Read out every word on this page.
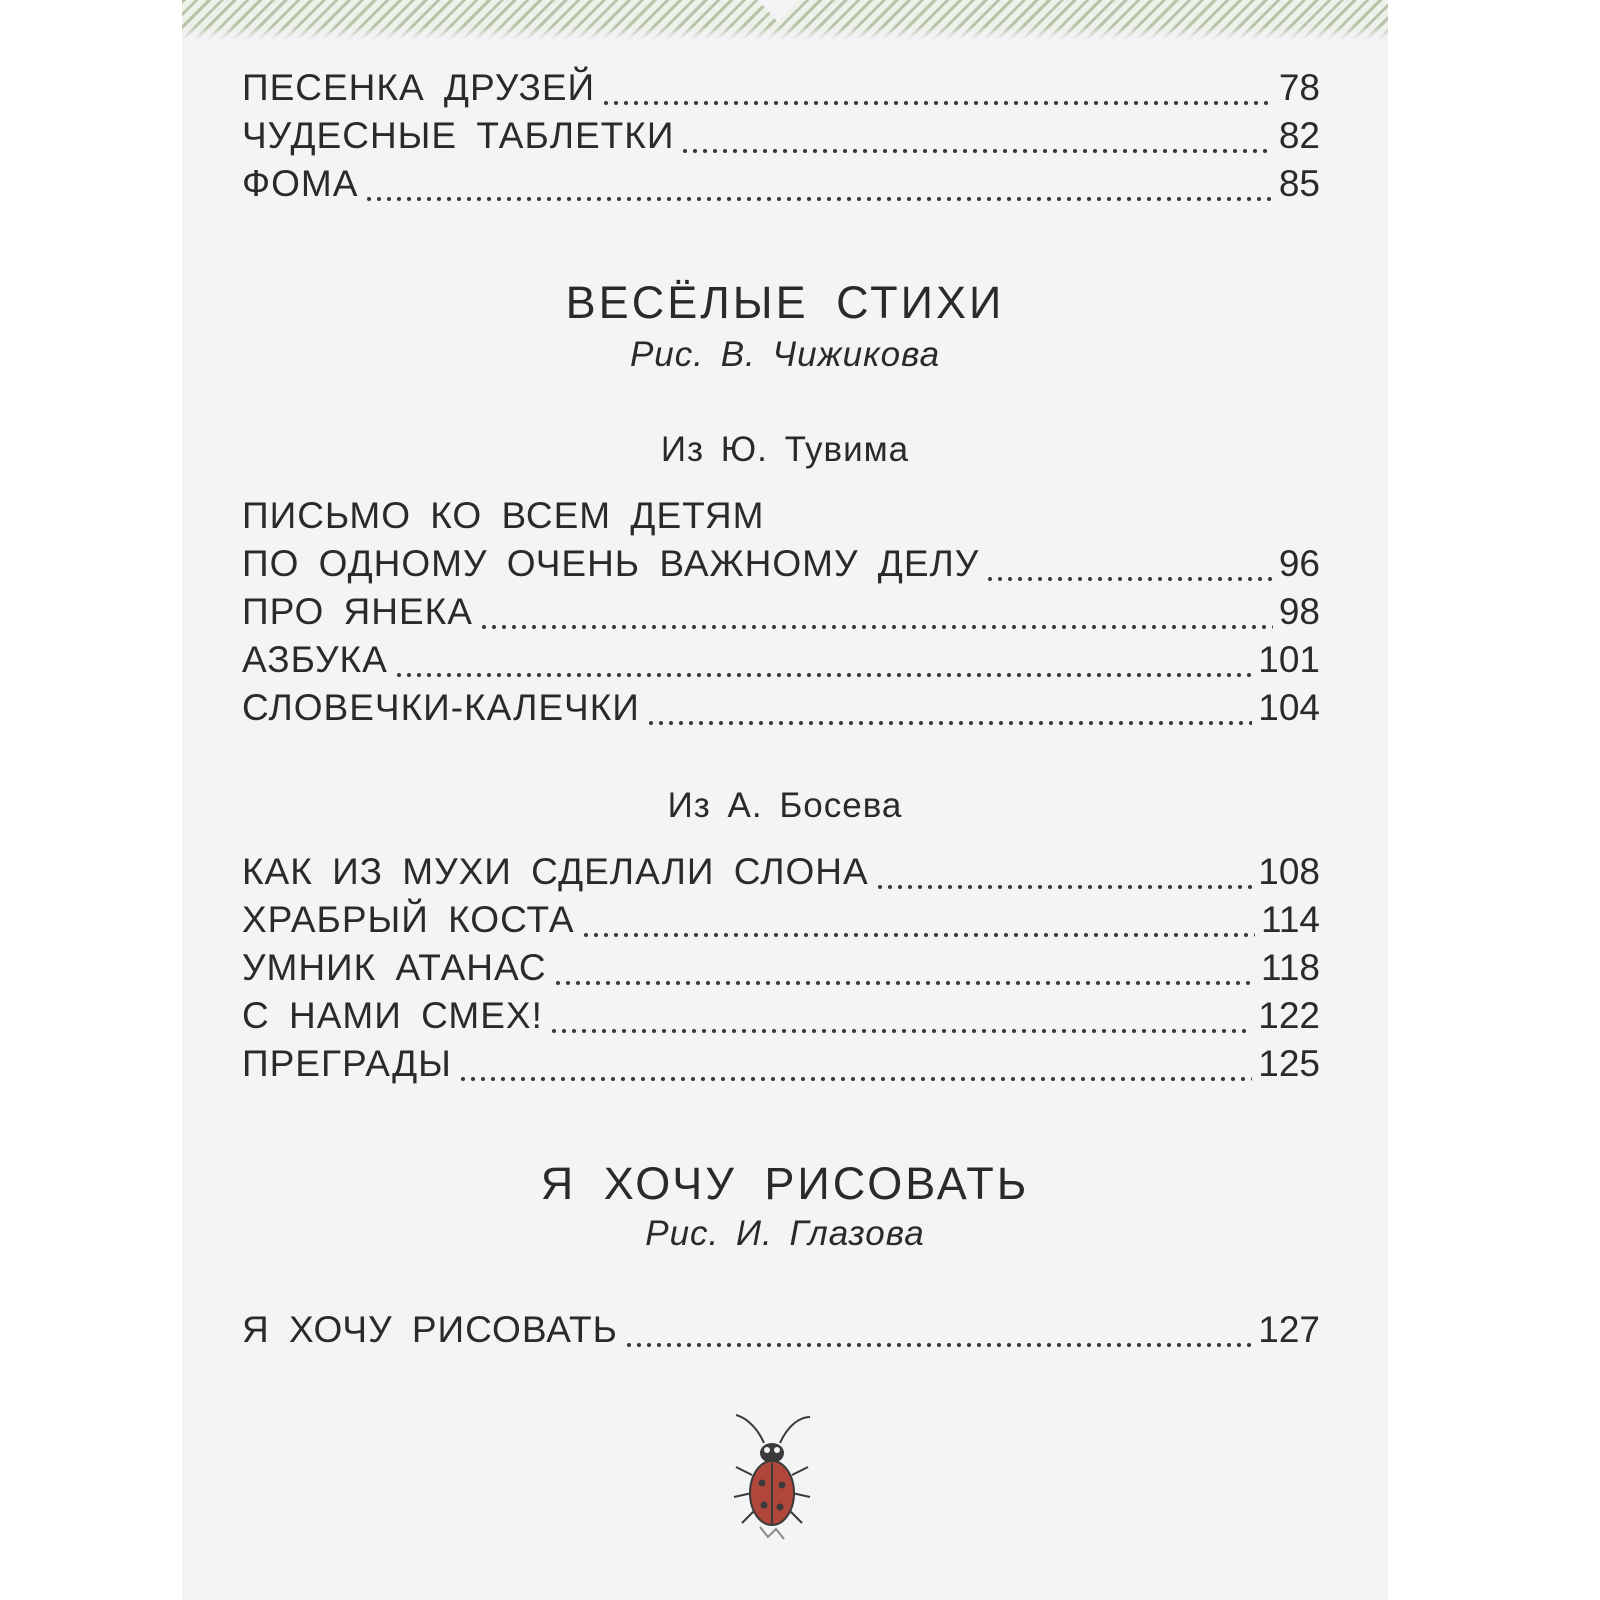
ПЕСЕНКА ДРУЗЕЙ	78
ЧУДЕСНЫЕ ТАБЛЕТКИ	82
ФОМА	85
ВЕСЁЛЫЕ СТИХИ
Рис. В. Чижикова
Из Ю. Тувима
ПИСЬМО КО ВСЕМ ДЕТЯМ
ПО ОДНОМУ ОЧЕНЬ ВАЖНОМУ ДЕЛУ	96
ПРО ЯНЕКА	98
АЗБУКА	101
СЛОВЕЧКИ-КАЛЕЧКИ	104
Из А. Босева
КАК ИЗ МУХИ СДЕЛАЛИ СЛОНА	108
ХРАБРЫЙ КОСТА	114
УМНИК АТАНАС	118
С НАМИ СМЕХ!	122
ПРЕГРАДЫ	125
Я ХОЧУ РИСОВАТЬ
Рис. И. Глазова
Я ХОЧУ РИСОВАТЬ	127
